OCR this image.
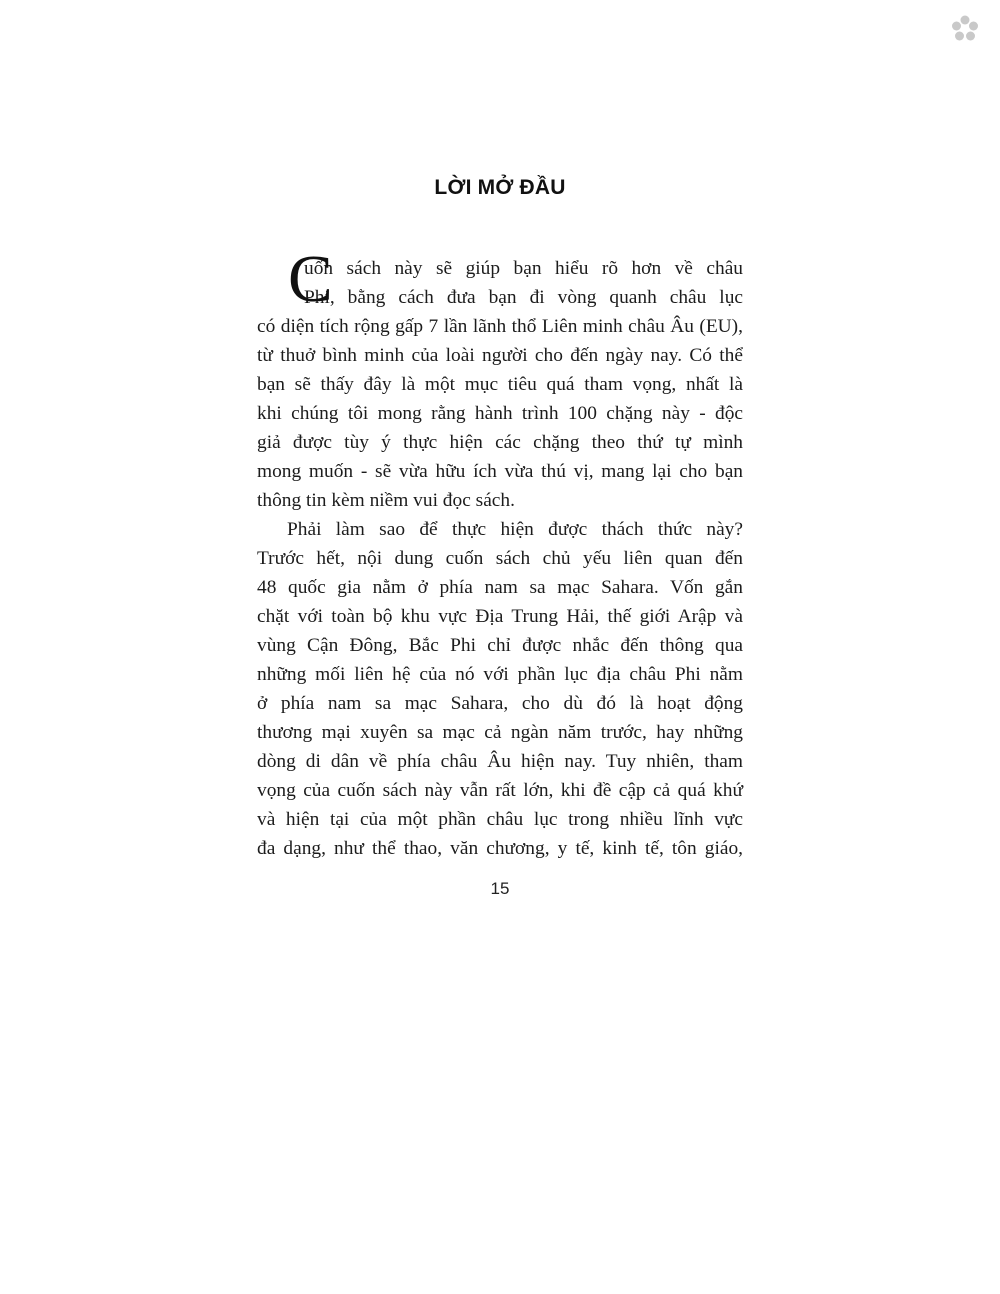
LỜI MỞ ĐẦU
C
uốn sách này sẽ giúp bạn hiểu rõ hơn về châu
Phi, bằng cách đưa bạn đi vòng quanh châu lục
có diện tích rộng gấp 7 lần lãnh thổ Liên minh châu Âu (EU),
từ thuở bình minh của loài người cho đến ngày nay. Có thể
bạn sẽ thấy đây là một mục tiêu quá tham vọng, nhất là
khi chúng tôi mong rằng hành trình 100 chặng này - độc
giả được tùy ý thực hiện các chặng theo thứ tự mình
mong muốn - sẽ vừa hữu ích vừa thú vị, mang lại cho bạn
thông tin kèm niềm vui đọc sách.
Phải làm sao để thực hiện được thách thức này?
Trước hết, nội dung cuốn sách chủ yếu liên quan đến
48 quốc gia nằm ở phía nam sa mạc Sahara. Vốn gắn
chặt với toàn bộ khu vực Địa Trung Hải, thế giới Arập và
vùng Cận Đông, Bắc Phi chỉ được nhắc đến thông qua
những mối liên hệ của nó với phần lục địa châu Phi nằm
ở phía nam sa mạc Sahara, cho dù đó là hoạt động
thương mại xuyên sa mạc cả ngàn năm trước, hay những
dòng di dân về phía châu Âu hiện nay. Tuy nhiên, tham
vọng của cuốn sách này vẫn rất lớn, khi đề cập cả quá khứ
và hiện tại của một phần châu lục trong nhiều lĩnh vực
đa dạng, như thể thao, văn chương, y tế, kinh tế, tôn giáo,
15
